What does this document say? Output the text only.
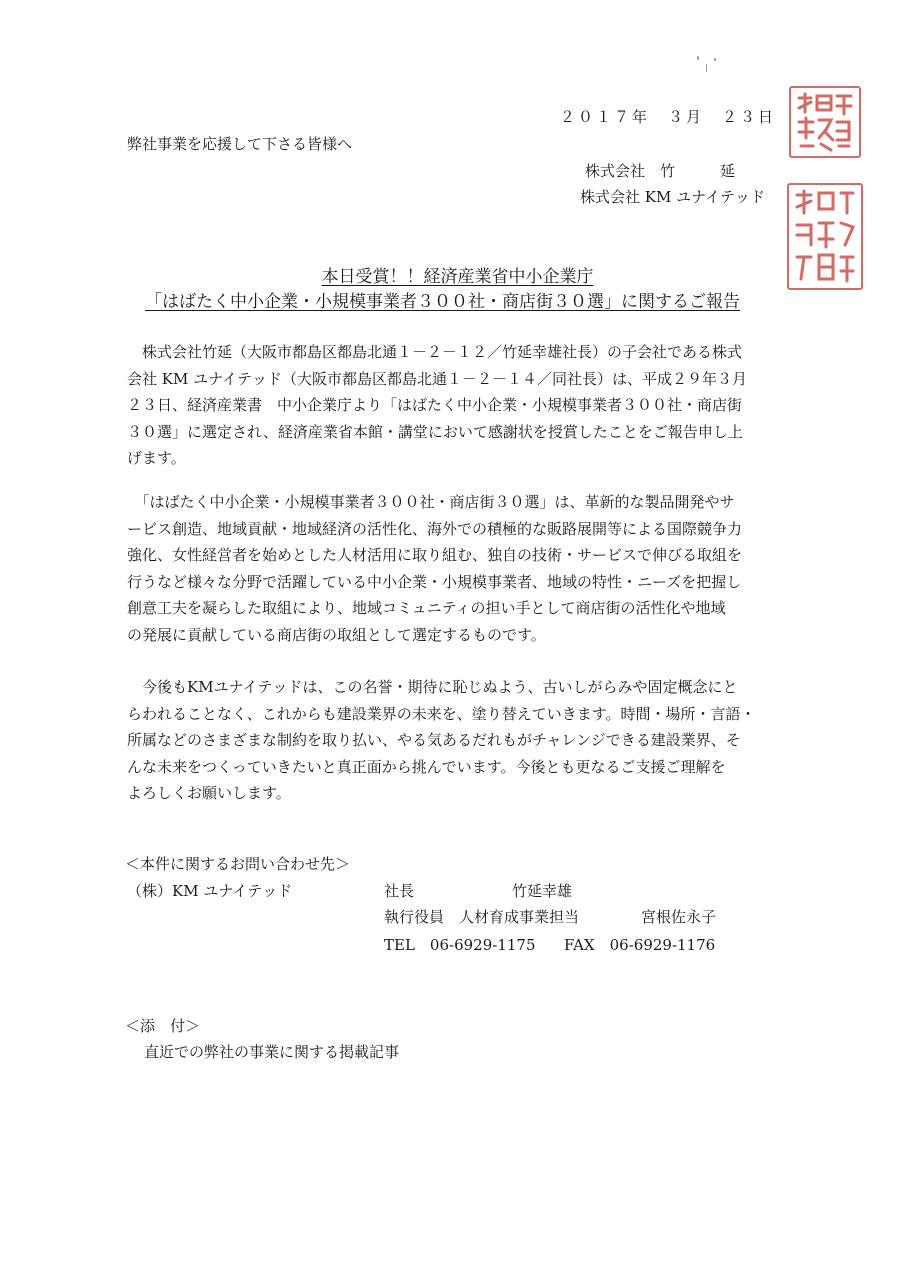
２０１７年　３月　２３日
弊社事業を応援して下さる皆様へ
株式会社　竹　　　延
株式会社 KM ユナイテッド
本日受賞！！経済産業省中小企業庁
「はばたく中小企業・小規模事業者３００社・商店街３０選」に関するご報告
　株式会社竹延（大阪市都島区都島北通１－２－１２／竹延幸雄社長）の子会社である株式
会社 KM ユナイテッド（大阪市都島区都島北通１－２－１４／同社長）は、平成２９年３月
２３日、経済産業書　中小企業庁より「はばたく中小企業・小規模事業者３００社・商店街
３０選」に選定され、経済産業省本館・講堂において感謝状を授賞したことをご報告申し上
げます。
　「はばたく中小企業・小規模事業者３００社・商店街３０選」は、革新的な製品開発やサ
ービス創造、地域貢献・地域経済の活性化、海外での積極的な販路展開等による国際競争力
強化、女性経営者を始めとした人材活用に取り組む、独自の技術・サービスで伸びる取組を
行うなど様々な分野で活躍している中小企業・小規模事業者、地域の特性・ニーズを把握し
創意工夫を凝らした取組により、地域コミュニティの担い手として商店街の活性化や地域
の発展に貢献している商店街の取組として選定するものです。
　今後もKMユナイテッドは、この名誉・期待に恥じぬよう、古いしがらみや固定概念にと
らわれることなく、これからも建設業界の未来を、塗り替えていきます。時間・場所・言語・
所属などのさまざまな制約を取り払い、やる気あるだれもがチャレンジできる建設業界、そ
んな未来をつくっていきたいと真正面から挑んでいます。今後とも更なるご支援ご理解を
よろしくお願いします。
＜本件に関するお問い合わせ先＞
（株）KM ユナイテッド	社長	竹延幸雄
執行役員　人材育成事業担当	宮根佐永子
TEL　06-6929-1175 FAX　06-6929-1176
＜添　付＞
直近での弊社の事業に関する掲載記事
